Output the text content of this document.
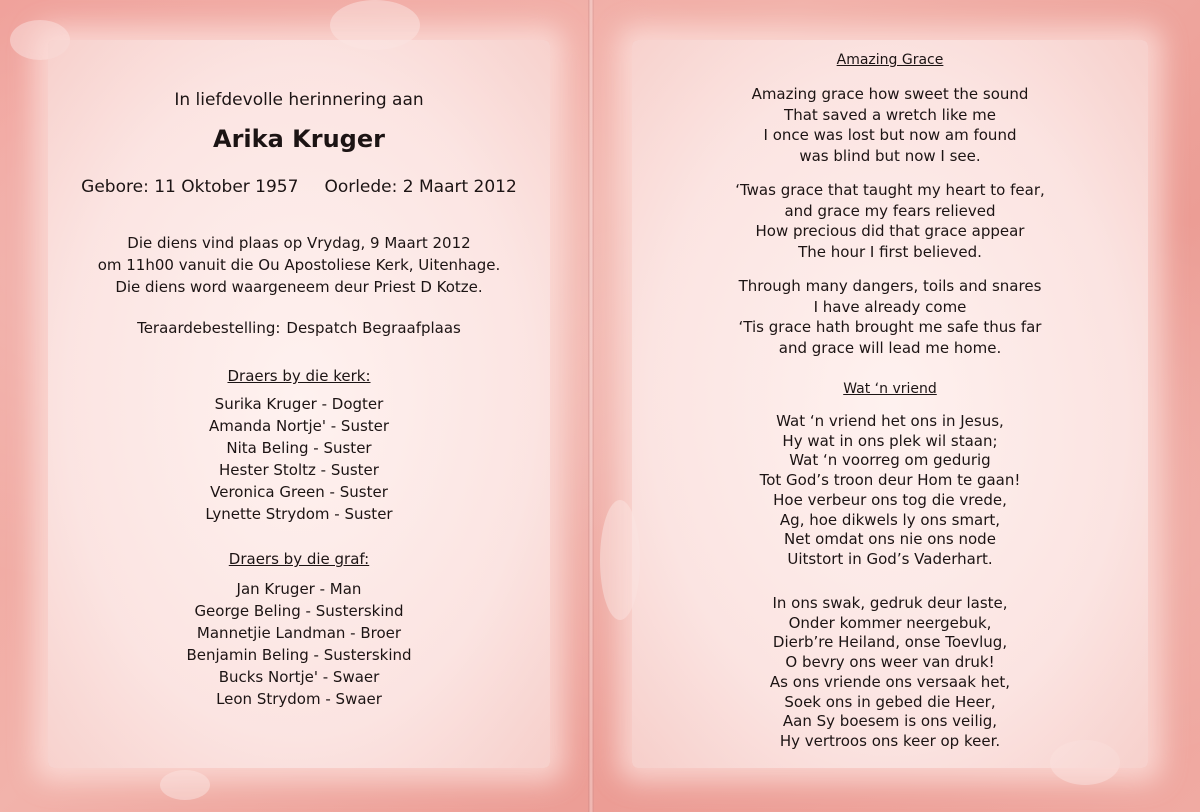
In liefdevolle herinnering aan
Arika Kruger
Gebore: 11 Oktober 1957 Oorlede: 2 Maart 2012
Die diens vind plaas op Vrydag, 9 Maart 2012
om 11h00 vanuit die Ou Apostoliese Kerk, Uitenhage.
Die diens word waargeneem deur Priest D Kotze.
Teraardebestelling: Despatch Begraafplaas
Draers by die kerk:
Surika Kruger - Dogter
Amanda Nortje' - Suster
Nita Beling - Suster
Hester Stoltz - Suster
Veronica Green - Suster
Lynette Strydom - Suster
Draers by die graf:
Jan Kruger - Man
George Beling - Susterskind
Mannetjie Landman - Broer
Benjamin Beling - Susterskind
Bucks Nortje' - Swaer
Leon Strydom - Swaer
Amazing Grace
Amazing grace how sweet the sound
That saved a wretch like me
I once was lost but now am found
was blind but now I see.
‘Twas grace that taught my heart to fear,
and grace my fears relieved
How precious did that grace appear
The hour I first believed.
Through many dangers, toils and snares
I have already come
‘Tis grace hath brought me safe thus far
and grace will lead me home.
Wat ‘n vriend
Wat ‘n vriend het ons in Jesus,
Hy wat in ons plek wil staan;
Wat ‘n voorreg om gedurig
Tot God’s troon deur Hom te gaan!
Hoe verbeur ons tog die vrede,
Ag, hoe dikwels ly ons smart,
Net omdat ons nie ons node
Uitstort in God’s Vaderhart.
In ons swak, gedruk deur laste,
Onder kommer neergebuk,
Dierb’re Heiland, onse Toevlug,
O bevry ons weer van druk!
As ons vriende ons versaak het,
Soek ons in gebed die Heer,
Aan Sy boesem is ons veilig,
Hy vertroos ons keer op keer.
